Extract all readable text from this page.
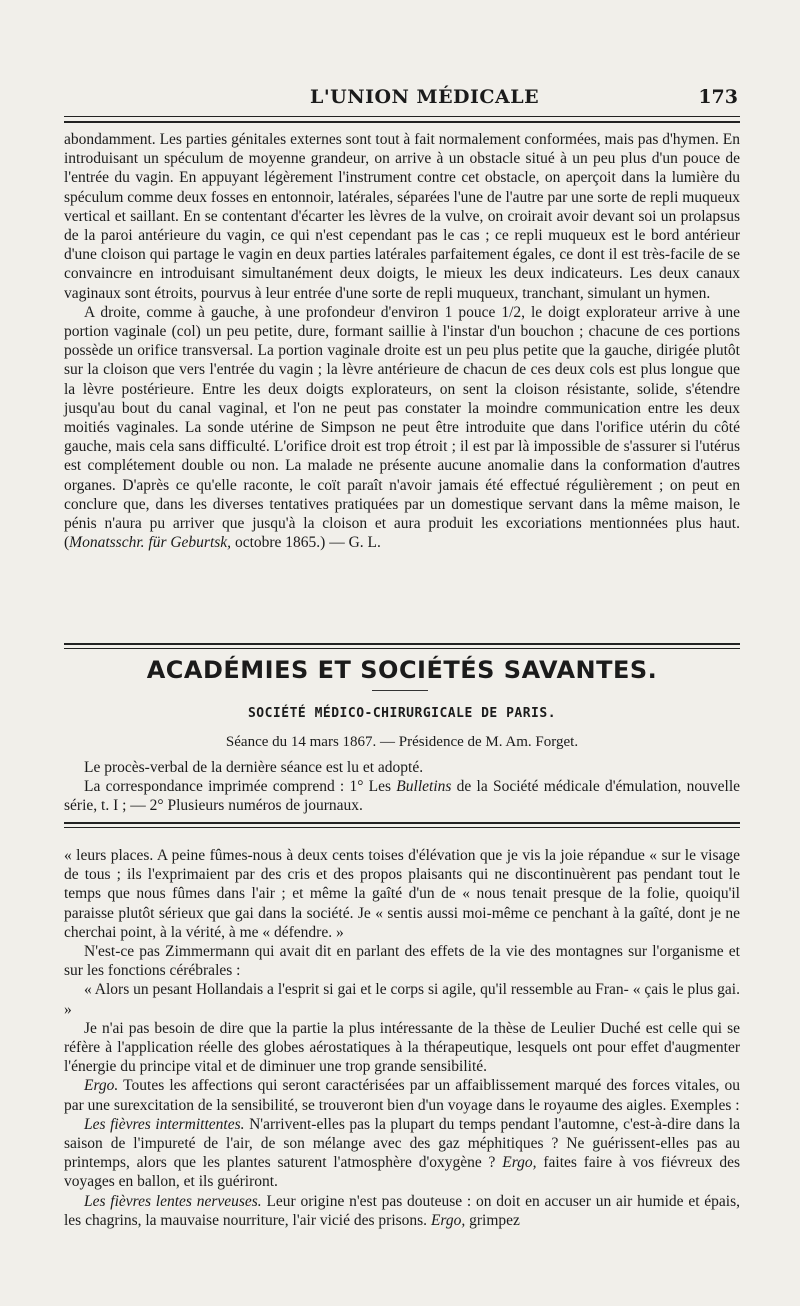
L'UNION MÉDICALE	173

abondamment. Les parties génitales externes sont tout à fait normalement conformées, mais pas d'hymen. En introduisant un spéculum de moyenne grandeur, on arrive à un obstacle situé à un peu plus d'un pouce de l'entrée du vagin. En appuyant légèrement l'instrument contre cet obstacle, on aperçoit dans la lumière du spéculum comme deux fosses en entonnoir, latérales, séparées l'une de l'autre par une sorte de repli muqueux vertical et saillant. En se contentant d'écarter les lèvres de la vulve, on croirait avoir devant soi un prolapsus de la paroi antérieure du vagin, ce qui n'est cependant pas le cas ; ce repli muqueux est le bord antérieur d'une cloison qui partage le vagin en deux parties latérales parfaitement égales, ce dont il est très-facile de se convaincre en introduisant simultanément deux doigts, le mieux les deux indicateurs. Les deux canaux vaginaux sont étroits, pourvus à leur entrée d'une sorte de repli muqueux, tranchant, simulant un hymen.

A droite, comme à gauche, à une profondeur d'environ 1 pouce 1/2, le doigt explorateur arrive à une portion vaginale (col) un peu petite, dure, formant saillie à l'instar d'un bouchon ; chacune de ces portions possède un orifice transversal. La portion vaginale droite est un peu plus petite que la gauche, dirigée plutôt sur la cloison que vers l'entrée du vagin ; la lèvre antérieure de chacun de ces deux cols est plus longue que la lèvre postérieure. Entre les deux doigts explorateurs, on sent la cloison résistante, solide, s'étendre jusqu'au bout du canal vaginal, et l'on ne peut pas constater la moindre communication entre les deux moitiés vaginales. La sonde utérine de Simpson ne peut être introduite que dans l'orifice utérin du côté gauche, mais cela sans difficulté. L'orifice droit est trop étroit ; il est par là impossible de s'assurer si l'utérus est complétement double ou non. La malade ne présente aucune anomalie dans la conformation d'autres organes. D'après ce qu'elle raconte, le coït paraît n'avoir jamais été effectué régulièrement ; on peut en conclure que, dans les diverses tentatives pratiquées par un domestique servant dans la même maison, le pénis n'aura pu arriver que jusqu'à la cloison et aura produit les excoriations mentionnées plus haut. (Monatsschr. für Geburtsk, octobre 1865.) — G. L.

ACADÉMIES ET SOCIÉTÉS SAVANTES.
SOCIÉTÉ MÉDICO-CHIRURGICALE DE PARIS.
Séance du 14 mars 1867. — Présidence de M. Am. Forget.

Le procès-verbal de la dernière séance est lu et adopté.

La correspondance imprimée comprend : 1° Les Bulletins de la Société médicale d'émulation, nouvelle série, t. I ; — 2° Plusieurs numéros de journaux.

« leurs places. A peine fûmes-nous à deux cents toises d'élévation que je vis la joie répandue « sur le visage de tous ; ils l'exprimaient par des cris et des propos plaisants qui ne discontinuèrent pas pendant tout le temps que nous fûmes dans l'air ; et même la gaîté d'un de « nous tenait presque de la folie, quoiqu'il paraisse plutôt sérieux que gai dans la société. Je « sentis aussi moi-même ce penchant à la gaîté, dont je ne cherchai point, à la vérité, à me « défendre. »

N'est-ce pas Zimmermann qui avait dit en parlant des effets de la vie des montagnes sur l'organisme et sur les fonctions cérébrales :

« Alors un pesant Hollandais a l'esprit si gai et le corps si agile, qu'il ressemble au Fran- « çais le plus gai. »

Je n'ai pas besoin de dire que la partie la plus intéressante de la thèse de Leulier Duché est celle qui se réfère à l'application réelle des globes aérostatiques à la thérapeutique, lesquels ont pour effet d'augmenter l'énergie du principe vital et de diminuer une trop grande sensibilité.

Ergo. Toutes les affections qui seront caractérisées par un affaiblissement marqué des forces vitales, ou par une surexcitation de la sensibilité, se trouveront bien d'un voyage dans le royaume des aigles. Exemples :

Les fièvres intermittentes. N'arrivent-elles pas la plupart du temps pendant l'automne, c'est-à-dire dans la saison de l'impureté de l'air, de son mélange avec des gaz méphitiques ? Ne guérissent-elles pas au printemps, alors que les plantes saturent l'atmosphère d'oxygène ? Ergo, faites faire à vos fiévreux des voyages en ballon, et ils guériront.

Les fièvres lentes nerveuses. Leur origine n'est pas douteuse : on doit en accuser un air humide et épais, les chagrins, la mauvaise nourriture, l'air vicié des prisons. Ergo, grimpez
